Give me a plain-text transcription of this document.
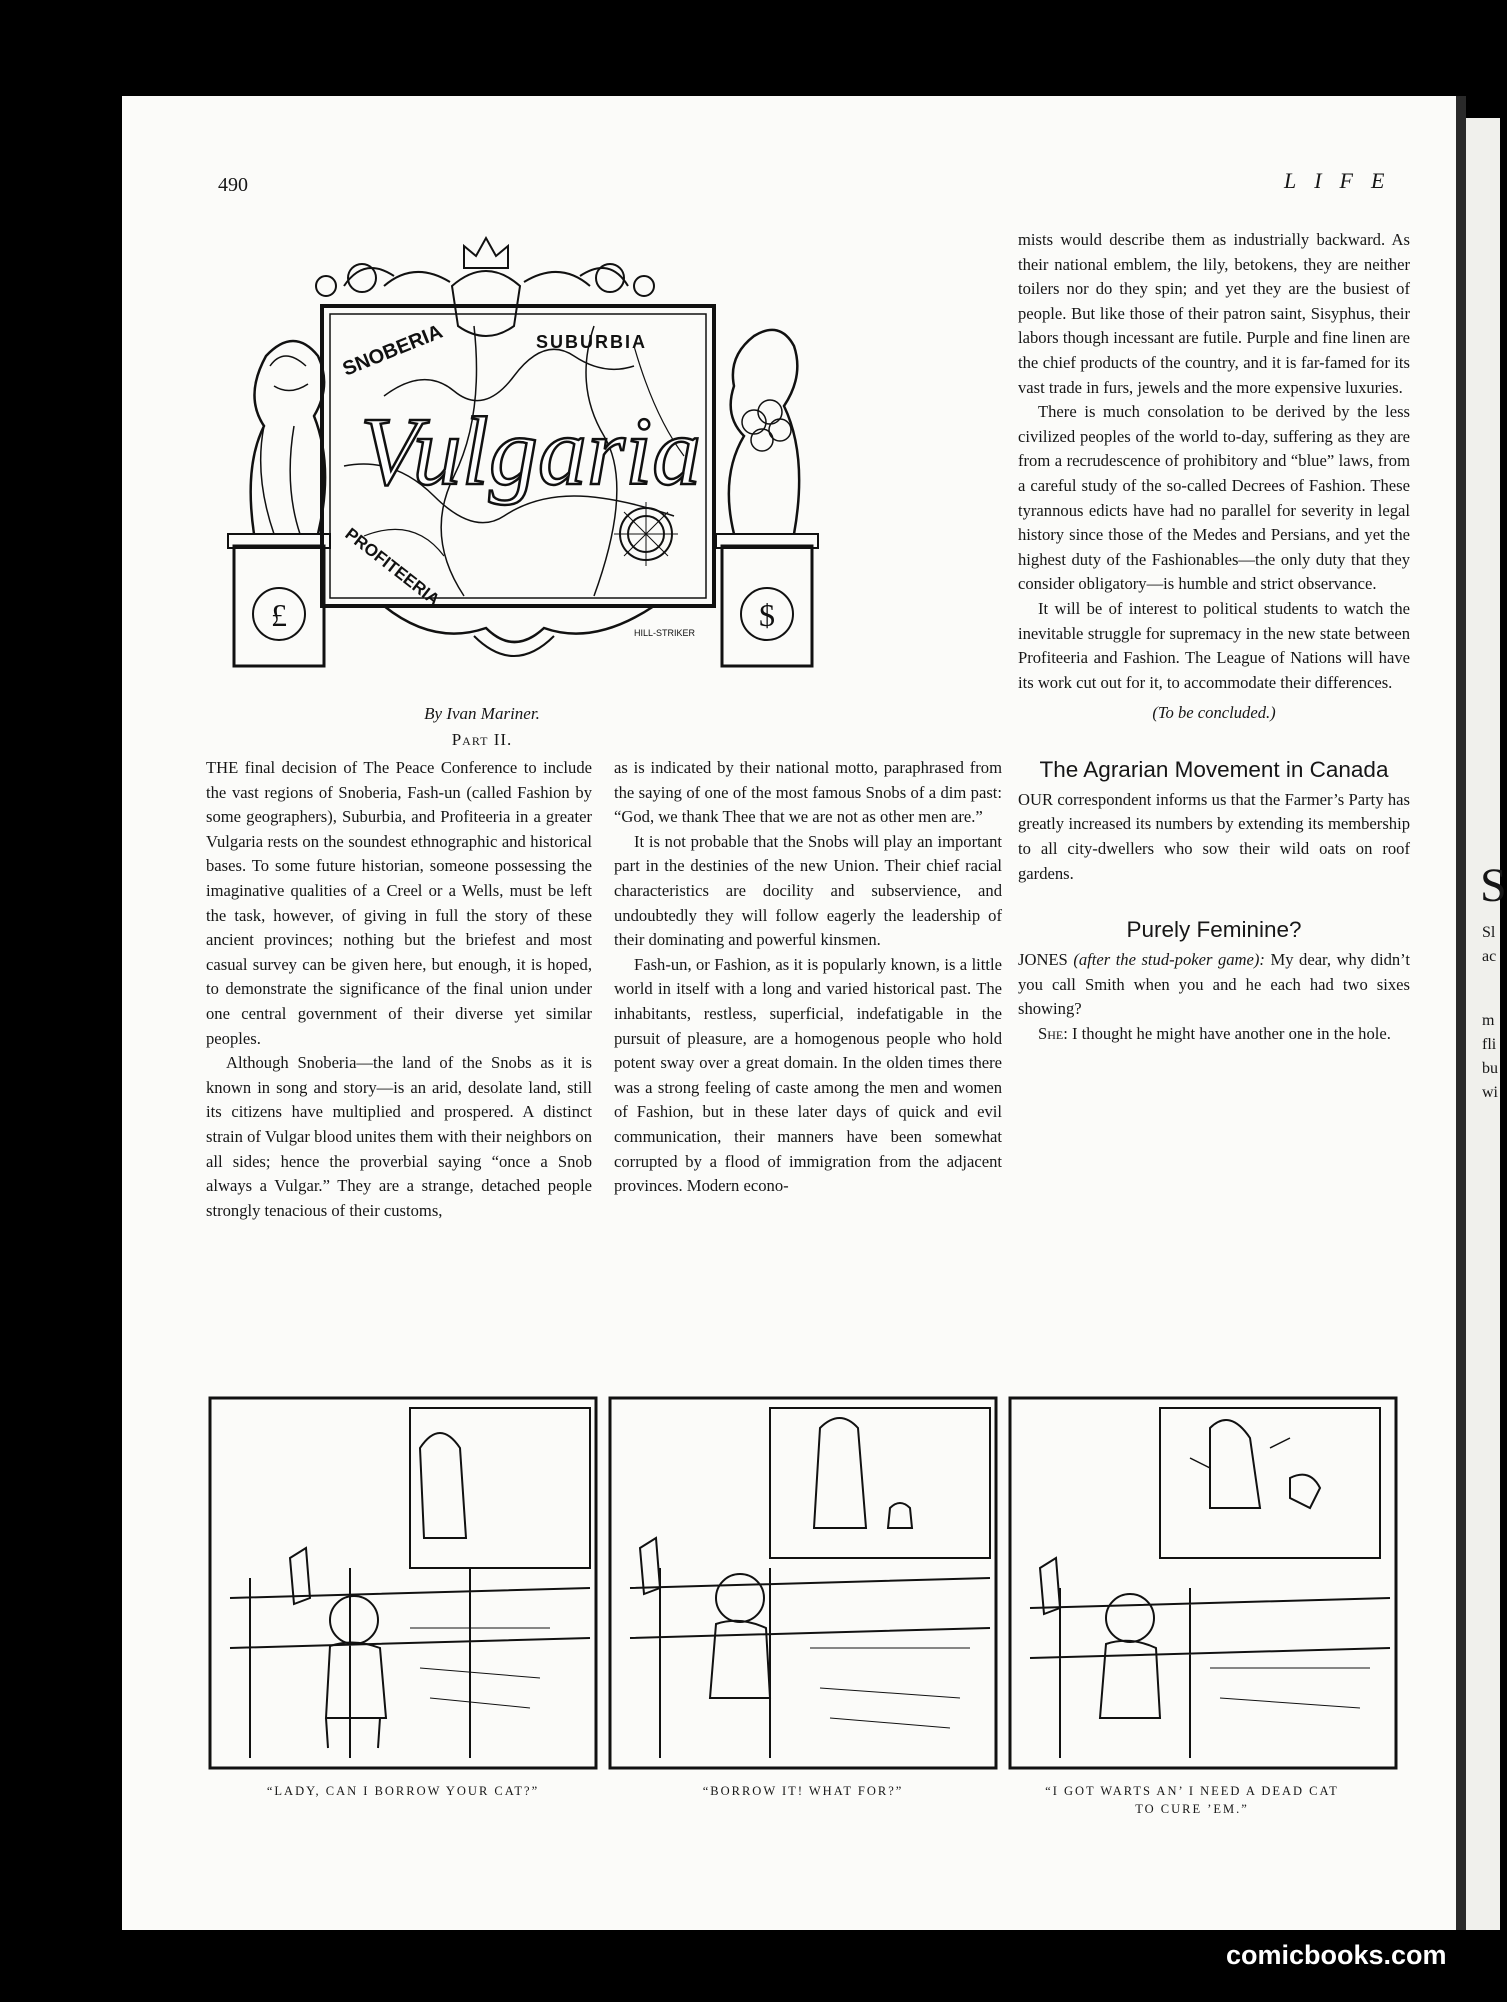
490	LIFE
SNOBERIA	SUBURBIA
PROFITEERIA
Vulgaria
£	$
HILL-STRIKER
By Ivan Mariner.
Part II.

THE final decision of The Peace Conference to include the vast regions of Snoberia, Fash-un (called Fashion by some geographers), Suburbia, and Profiteeria in a greater Vulgaria rests on the soundest ethnographic and historical bases. To some future historian, someone possessing the imaginative qualities of a Creel or a Wells, must be left the task, however, of giving in full the story of these ancient provinces; nothing but the briefest and most casual survey can be given here, but enough, it is hoped, to demonstrate the significance of the final union under one central government of their diverse yet similar peoples.

Although Snoberia—the land of the Snobs as it is known in song and story—is an arid, desolate land, still its citizens have multiplied and prospered. A distinct strain of Vulgar blood unites them with their neighbors on all sides; hence the proverbial saying “once a Snob always a Vulgar.” They are a strange, detached people strongly tenacious of their customs,

as is indicated by their national motto, paraphrased from the saying of one of the most famous Snobs of a dim past: “God, we thank Thee that we are not as other men are.”

It is not probable that the Snobs will play an important part in the destinies of the new Union. Their chief racial characteristics are docility and subservience, and undoubtedly they will follow eagerly the leadership of their dominating and powerful kinsmen.

Fash-un, or Fashion, as it is popularly known, is a little world in itself with a long and varied historical past. The inhabitants, restless, superficial, indefatigable in the pursuit of pleasure, are a homogenous people who hold potent sway over a great domain. In the olden times there was a strong feeling of caste among the men and women of Fashion, but in these later days of quick and evil communication, their manners have been somewhat corrupted by a flood of immigration from the adjacent provinces. Modern econo-

mists would describe them as industrially backward. As their national emblem, the lily, betokens, they are neither toilers nor do they spin; and yet they are the busiest of people. But like those of their patron saint, Sisyphus, their labors though incessant are futile. Purple and fine linen are the chief products of the country, and it is far-famed for its vast trade in furs, jewels and the more expensive luxuries.

There is much consolation to be derived by the less civilized peoples of the world to-day, suffering as they are from a recrudescence of prohibitory and “blue” laws, from a careful study of the so-called Decrees of Fashion. These tyrannous edicts have had no parallel for severity in legal history since those of the Medes and Persians, and yet the highest duty of the Fashionables—the only duty that they consider obligatory—is humble and strict observance.

It will be of interest to political students to watch the inevitable struggle for supremacy in the new state between Profiteeria and Fashion. The League of Nations will have its work cut out for it, to accommodate their differences.

(To be concluded.)

The Agrarian Movement in Canada

OUR correspondent informs us that the Farmer’s Party has greatly increased its numbers by extending its membership to all city-dwellers who sow their wild oats on roof gardens.

Purely Feminine?

JONES (after the stud-poker game): My dear, why didn’t you call Smith when you and he each had two sixes showing?

She: I thought he might have another one in the hole.

“LADY, CAN I BORROW YOUR CAT?”	“BORROW IT! WHAT FOR?”	“I GOT WARTS AN’ I NEED A DEAD CAT TO CURE ’EM.”
S
Sl
ac
m
fli
bu
wi
comicbooks.com
